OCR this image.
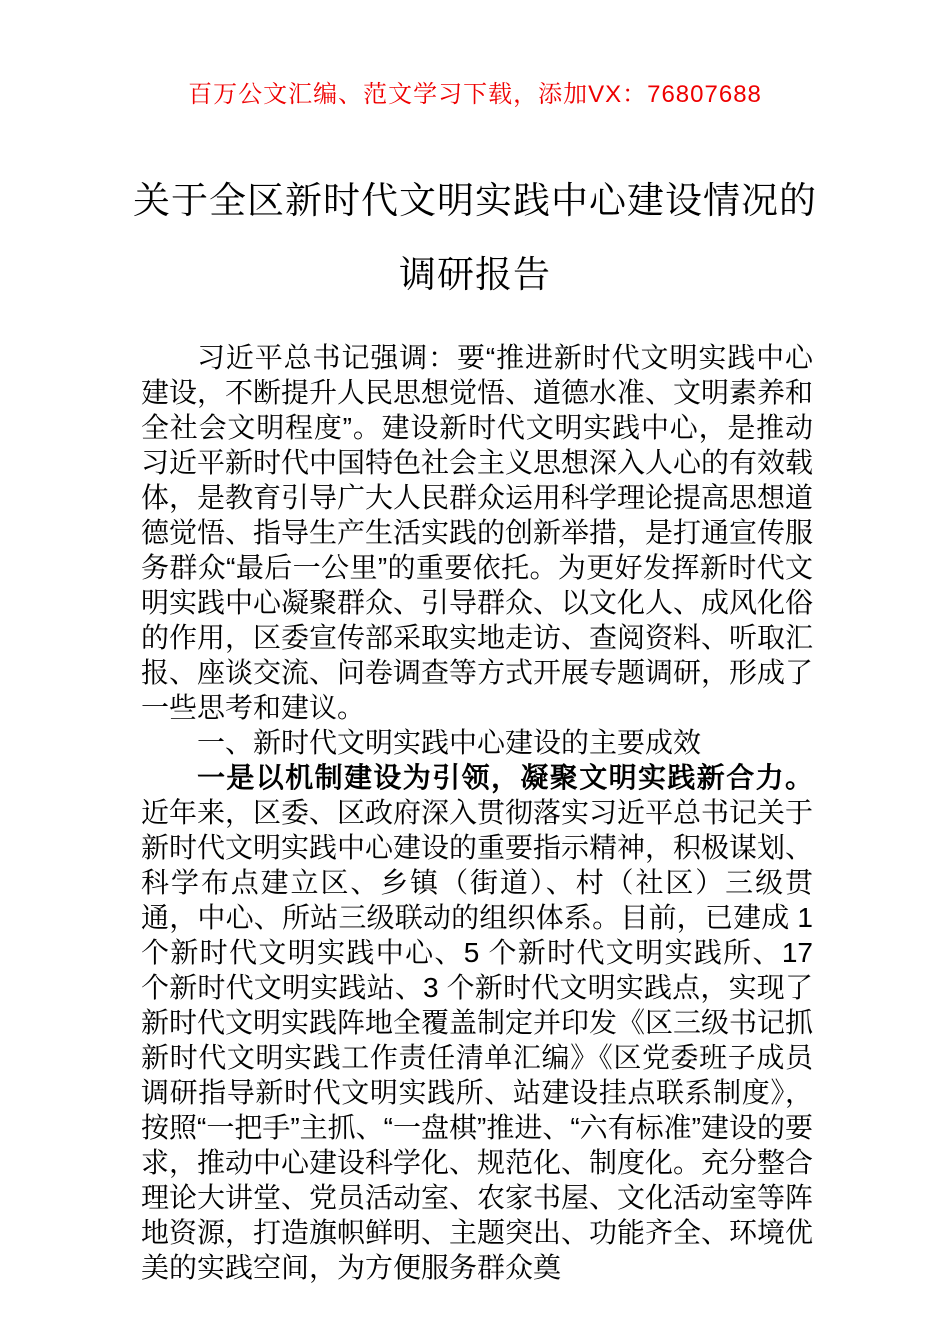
百万公文汇编、范文学习下载，添加VX：76807688
关于全区新时代文明实践中心建设情况的
调研报告

习近平总书记强调：要“推进新时代文明实践中心建设，不断提升人民思想觉悟、道德水准、文明素养和全社会文明程度”。建设新时代文明实践中心，是推动习近平新时代中国特色社会主义思想深入人心的有效载体，是教育引导广大人民群众运用科学理论提高思想道德觉悟、指导生产生活实践的创新举措，是打通宣传服务群众“最后一公里”的重要依托。为更好发挥新时代文明实践中心凝聚群众、引导群众、以文化人、成风化俗的作用，区委宣传部采取实地走访、查阅资料、听取汇报、座谈交流、问卷调查等方式开展专题调研，形成了一些思考和建议。

一、新时代文明实践中心建设的主要成效

一是以机制建设为引领，凝聚文明实践新合力。近年来，区委、区政府深入贯彻落实习近平总书记关于新时代文明实践中心建设的重要指示精神，积极谋划、科学布点建立区、乡镇（街道）、村（社区）三级贯通，中心、所站三级联动的组织体系。目前，已建成 1 个新时代文明实践中心、5 个新时代文明实践所、17 个新时代文明实践站、3 个新时代文明实践点，实现了新时代文明实践阵地全覆盖制定并印发《区三级书记抓新时代文明实践工作责任清单汇编》《区党委班子成员调研指导新时代文明实践所、站建设挂点联系制度》，按照“一把手”主抓、“一盘棋”推进、“六有标准”建设的要求，推动中心建设科学化、规范化、制度化。充分整合理论大讲堂、党员活动室、农家书屋、文化活动室等阵地资源，打造旗帜鲜明、主题突出、功能齐全、环境优美的实践空间，为方便服务群众奠
